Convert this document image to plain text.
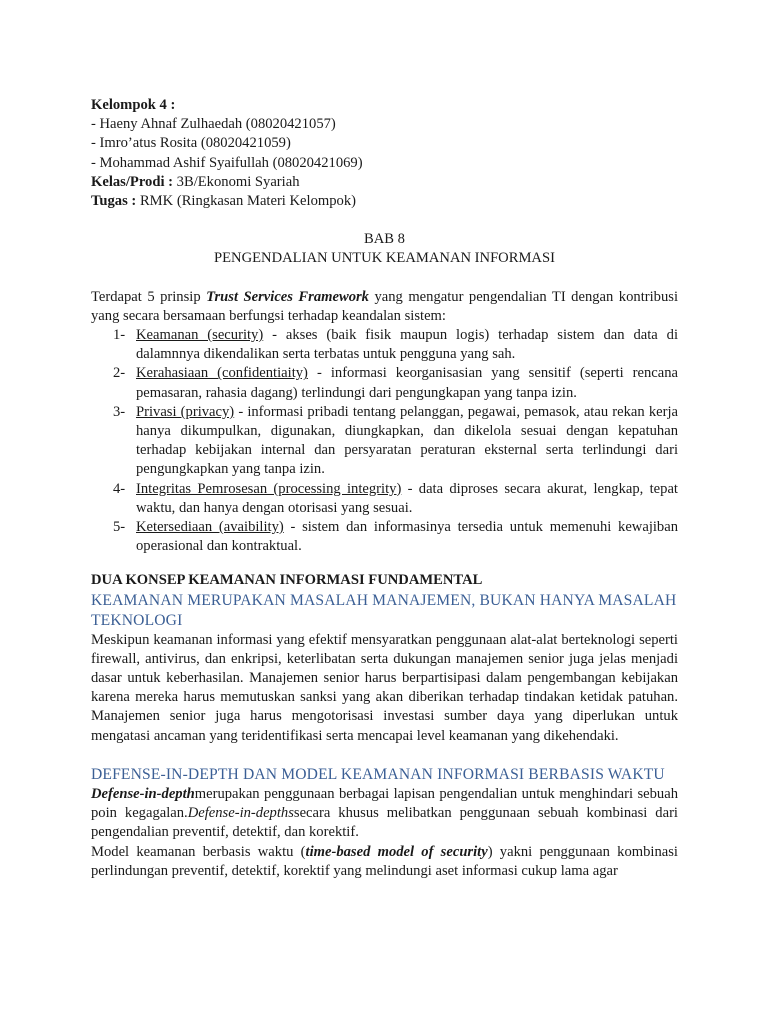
Kelompok 4 :

- Haeny Ahnaf Zulhaedah (08020421057)

- Imro’atus Rosita (08020421059)

- Mohammad Ashif Syaifullah (08020421069)

Kelas/Prodi : 3B/Ekonomi Syariah

Tugas : RMK (Ringkasan Materi Kelompok)

BAB 8

PENGENDALIAN UNTUK KEAMANAN INFORMASI

Terdapat 5 prinsip Trust Services Framework yang mengatur pengendalian TI dengan kontribusi yang secara bersamaan berfungsi terhadap keandalan sistem:

1- Keamanan (security) - akses (baik fisik maupun logis) terhadap sistem dan data di dalamnnya dikendalikan serta terbatas untuk pengguna yang sah.
2- Kerahasiaan (confidentiaity) - informasi keorganisasian yang sensitif (seperti rencana pemasaran, rahasia dagang) terlindungi dari pengungkapan yang tanpa izin.
3- Privasi (privacy) - informasi pribadi tentang pelanggan, pegawai, pemasok, atau rekan kerja hanya dikumpulkan, digunakan, diungkapkan, dan dikelola sesuai dengan kepatuhan terhadap kebijakan internal dan persyaratan peraturan eksternal serta terlindungi dari pengungkapkan yang tanpa izin.
4- Integritas Pemrosesan (processing integrity) - data diproses secara akurat, lengkap, tepat waktu, dan hanya dengan otorisasi yang sesuai.
5- Ketersediaan (avaibility) - sistem dan informasinya tersedia untuk memenuhi kewajiban operasional dan kontraktual.

DUA KONSEP KEAMANAN INFORMASI FUNDAMENTAL

KEAMANAN MERUPAKAN MASALAH MANAJEMEN, BUKAN HANYA MASALAH TEKNOLOGI

Meskipun keamanan informasi yang efektif mensyaratkan penggunaan alat-alat berteknologi seperti firewall, antivirus, dan enkripsi, keterlibatan serta dukungan manajemen senior juga jelas menjadi dasar untuk keberhasilan. Manajemen senior harus berpartisipasi dalam pengembangan kebijakan karena mereka harus memutuskan sanksi yang akan diberikan terhadap tindakan ketidak patuhan. Manajemen senior juga harus mengotorisasi investasi sumber daya yang diperlukan untuk mengatasi ancaman yang teridentifikasi serta mencapai level keamanan yang dikehendaki.

DEFENSE-IN-DEPTH DAN MODEL KEAMANAN INFORMASI BERBASIS WAKTU

Defense-in-depthmerupakan penggunaan berbagai lapisan pengendalian untuk menghindari sebuah poin kegagalan.Defense-in-depthssecara khusus melibatkan penggunaan sebuah kombinasi dari pengendalian preventif, detektif, dan korektif.

Model keamanan berbasis waktu (time-based model of security) yakni penggunaan kombinasi perlindungan preventif, detektif, korektif yang melindungi aset informasi cukup lama agar
